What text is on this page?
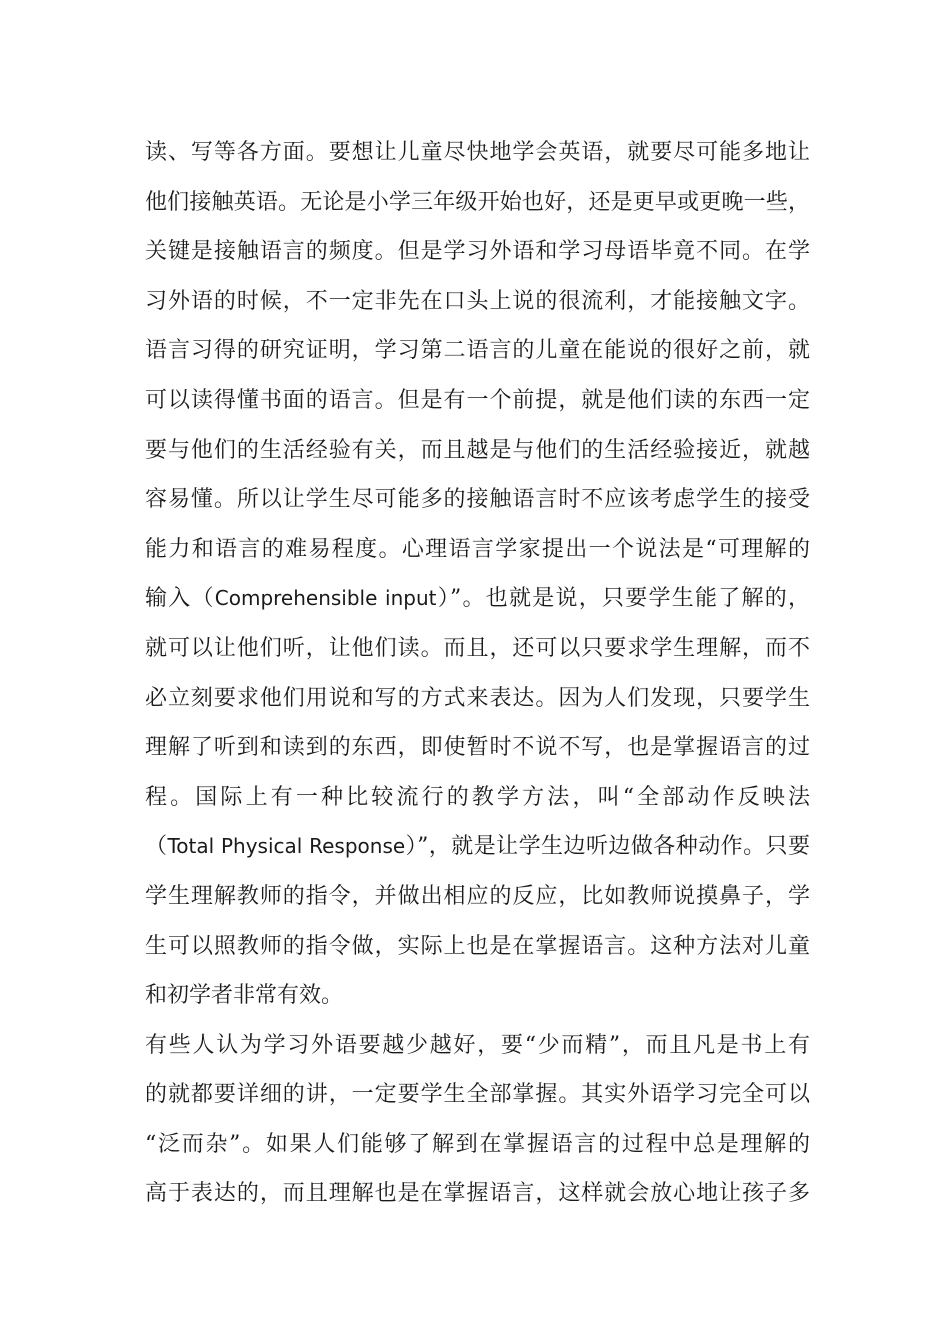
读、写等各方面。要想让儿童尽快地学会英语，就要尽可能多地让
他们接触英语。无论是小学三年级开始也好，还是更早或更晚一些，
关键是接触语言的频度。但是学习外语和学习母语毕竟不同。在学
习外语的时候，不一定非先在口头上说的很流利，才能接触文字。
语言习得的研究证明，学习第二语言的儿童在能说的很好之前，就
可以读得懂书面的语言。但是有一个前提，就是他们读的东西一定
要与他们的生活经验有关，而且越是与他们的生活经验接近，就越
容易懂。所以让学生尽可能多的接触语言时不应该考虑学生的接受
能力和语言的难易程度。心理语言学家提出一个说法是“可理解的
输入（Comprehensible input）”。也就是说，只要学生能了解的，
就可以让他们听，让他们读。而且，还可以只要求学生理解，而不
必立刻要求他们用说和写的方式来表达。因为人们发现，只要学生
理解了听到和读到的东西，即使暂时不说不写，也是掌握语言的过
程。国际上有一种比较流行的教学方法，叫“全部动作反映法
（Total Physical Response）”，就是让学生边听边做各种动作。只要
学生理解教师的指令，并做出相应的反应，比如教师说摸鼻子，学
生可以照教师的指令做，实际上也是在掌握语言。这种方法对儿童
和初学者非常有效。
有些人认为学习外语要越少越好，要“少而精”，而且凡是书上有
的就都要详细的讲，一定要学生全部掌握。其实外语学习完全可以
“泛而杂”。如果人们能够了解到在掌握语言的过程中总是理解的
高于表达的，而且理解也是在掌握语言，这样就会放心地让孩子多
